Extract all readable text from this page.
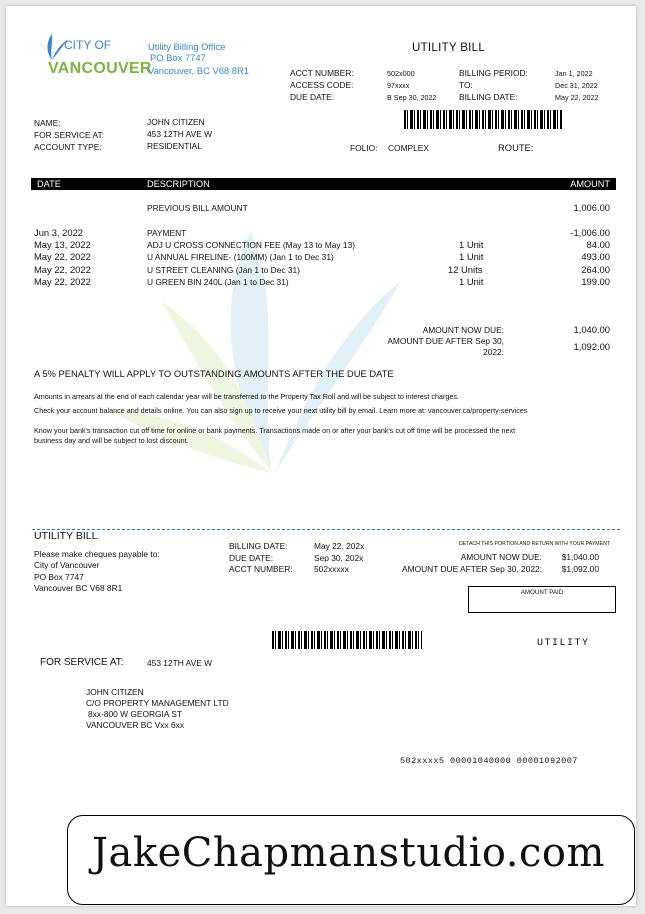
CITY OF
VANCOUVER
Utility Billing Office
PO Box 7747
Vancouver, BC V68 8R1
UTILITY BILL
ACCT NUMBER:	502x000
ACCESS CODE:	97xxxx
DUE DATE:	B Sep 30, 2022
BILLING PERIOD:	Jan 1, 2022
TO:	Dec 31, 2022
BILLING DATE:	May 22, 2022
NAME:	JOHN CITIZEN
FOR SERVICE AT:	453 12TH AVE W
ACCOUNT TYPE:	RESIDENTIAL	FOLIO: COMPLEX	ROUTE:
DATE	DESCRIPTION	AMOUNT
PREVIOUS BILL AMOUNT	1,006.00
Jun 3, 2022	PAYMENT	-1,006.00
May 13, 2022	ADJ U CROSS CONNECTION FEE (May 13 to May 13)	1 Unit	84.00
May 22, 2022	U ANNUAL FIRELINE- (100MM) (Jan 1 to Dec 31)	1 Unit	493.00
May 22, 2022	U STREET CLEANING (Jan 1 to Dec 31)	12 Units	264.00
May 22, 2022	U GREEN BIN 240L (Jan 1 to Dec 31)	1 Unit	199.00
AMOUNT NOW DUE:	1,040.00
AMOUNT DUE AFTER Sep 30,
2022:	1,092.00
A 5% PENALTY WILL APPLY TO OUTSTANDING AMOUNTS AFTER THE DUE DATE
Amounts in arrears at the end of each calendar year will be transferred to the Property Tax Roll and will be subject to interest charges.
Check your account balance and details online. You can also sign up to receive your next utility bill by email. Learn more at: vancouver.ca/property-services
Know your bank's transaction cut off time for online or bank payments. Transactions made on or after your bank's cut off time will be processed the next
business day and will be subject to lost discount.
UTILITY BILL
Please make cheques payable to:
City of Vancouver
PO Box 7747
Vancouver BC V68 8R1
BILLING DATE:	May 22, 202x
DUE DATE:	Sep 30, 202x
ACCT NUMBER:	502xxxxx
DETACH THIS PORTION AND RETURN WITH YOUR PAYMENT
AMOUNT NOW DUE: $1,040.00
AMOUNT DUE AFTER Sep 30, 2022: $1,092.00
AMOUNT PAID
UTILITY
FOR SERVICE AT:	453 12TH AVE W
JOHN CITIZEN
C/O PROPERTY MANAGEMENT LTD
8xx-800 W GEORGIA ST
VANCOUVER BC Vxx 6xx
502xxxx5 00001040000 00001092007
JakeChapmanstudio.com
